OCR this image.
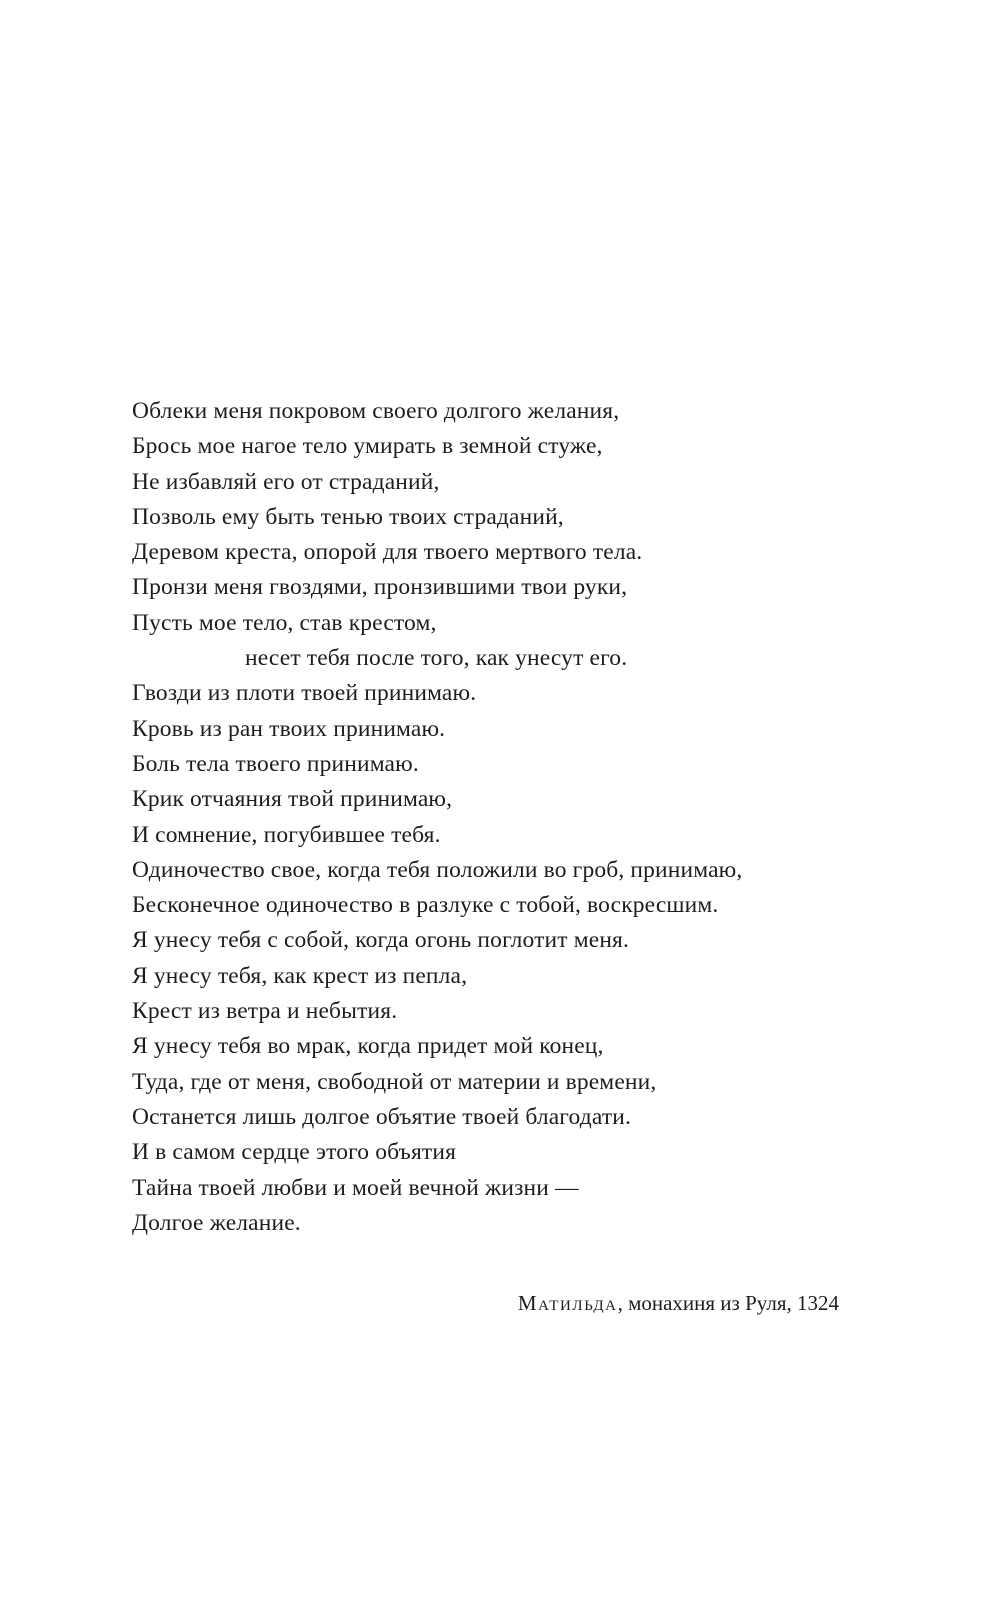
Облеки меня покровом своего долгого желания,
Брось мое нагое тело умирать в земной стуже,
Не избавляй его от страданий,
Позволь ему быть тенью твоих страданий,
Деревом креста, опорой для твоего мертвого тела.
Пронзи меня гвоздями, пронзившими твои руки,
Пусть мое тело, став крестом,
несет тебя после того, как унесут его.
Гвозди из плоти твоей принимаю.
Кровь из ран твоих принимаю.
Боль тела твоего принимаю.
Крик отчаяния твой принимаю,
И сомнение, погубившее тебя.
Одиночество свое, когда тебя положили во гроб, принимаю,
Бесконечное одиночество в разлуке с тобой, воскресшим.
Я унесу тебя с собой, когда огонь поглотит меня.
Я унесу тебя, как крест из пепла,
Крест из ветра и небытия.
Я унесу тебя во мрак, когда придет мой конец,
Туда, где от меня, свободной от материи и времени,
Останется лишь долгое объятие твоей благодати.
И в самом сердце этого объятия
Тайна твоей любви и моей вечной жизни —
Долгое желание.
Матильда, монахиня из Руля, 1324
